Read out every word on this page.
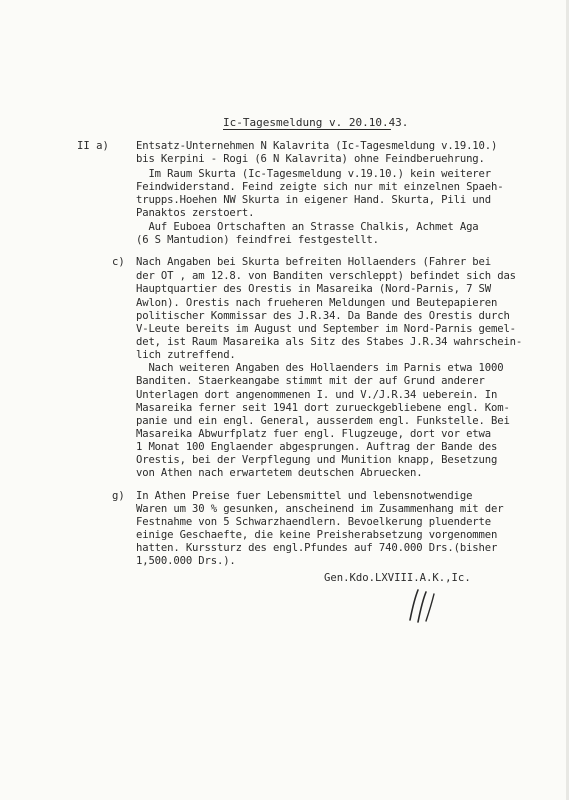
Ic-Tagesmeldung v. 20.10.43.
II a)	Entsatz-Unternehmen N Kalavrita (Ic-Tagesmeldung v.19.10.)
bis Kerpini - Rogi (6 N Kalavrita) ohne Feindberuehrung.
Im Raum Skurta (Ic-Tagesmeldung v.19.10.) kein weiterer
Feindwiderstand. Feind zeigte sich nur mit einzelnen Spaeh-
trupps.Hoehen NW Skurta in eigener Hand. Skurta, Pili und
Panaktos zerstoert.
Auf Euboea Ortschaften an Strasse Chalkis, Achmet Aga
(6 S Mantudion) feindfrei festgestellt.
c) Nach Angaben bei Skurta befreiten Hollaenders (Fahrer bei
der OT , am 12.8. von Banditen verschleppt) befindet sich das
Hauptquartier des Orestis in Masareika (Nord-Parnis, 7 SW
Awlon). Orestis nach frueheren Meldungen und Beutepapieren
politischer Kommissar des J.R.34. Da Bande des Orestis durch
V-Leute bereits im August und September im Nord-Parnis gemel-
det, ist Raum Masareika als Sitz des Stabes J.R.34 wahrschein-
lich zutreffend.
Nach weiteren Angaben des Hollaenders im Parnis etwa 1000
Banditen. Staerkeangabe stimmt mit der auf Grund anderer
Unterlagen dort angenommenen I. und V./J.R.34 ueberein. In
Masareika ferner seit 1941 dort zurueckgebliebene engl. Kom-
panie und ein engl. General, ausserdem engl. Funkstelle. Bei
Masareika Abwurfplatz fuer engl. Flugzeuge, dort vor etwa
1 Monat 100 Englaender abgesprungen. Auftrag der Bande des
Orestis, bei der Verpflegung und Munition knapp, Besetzung
von Athen nach erwartetem deutschen Abruecken.
g) In Athen Preise fuer Lebensmittel und lebensnotwendige
Waren um 30 % gesunken, anscheinend im Zusammenhang mit der
Festnahme von 5 Schwarzhaendlern. Bevoelkerung pluenderte
einige Geschaefte, die keine Preisherabsetzung vorgenommen
hatten. Kurssturz des engl.Pfundes auf 740.000 Drs.(bisher
1,500.000 Drs.).
Gen.Kdo.LXVIII.A.K.,Ic.
